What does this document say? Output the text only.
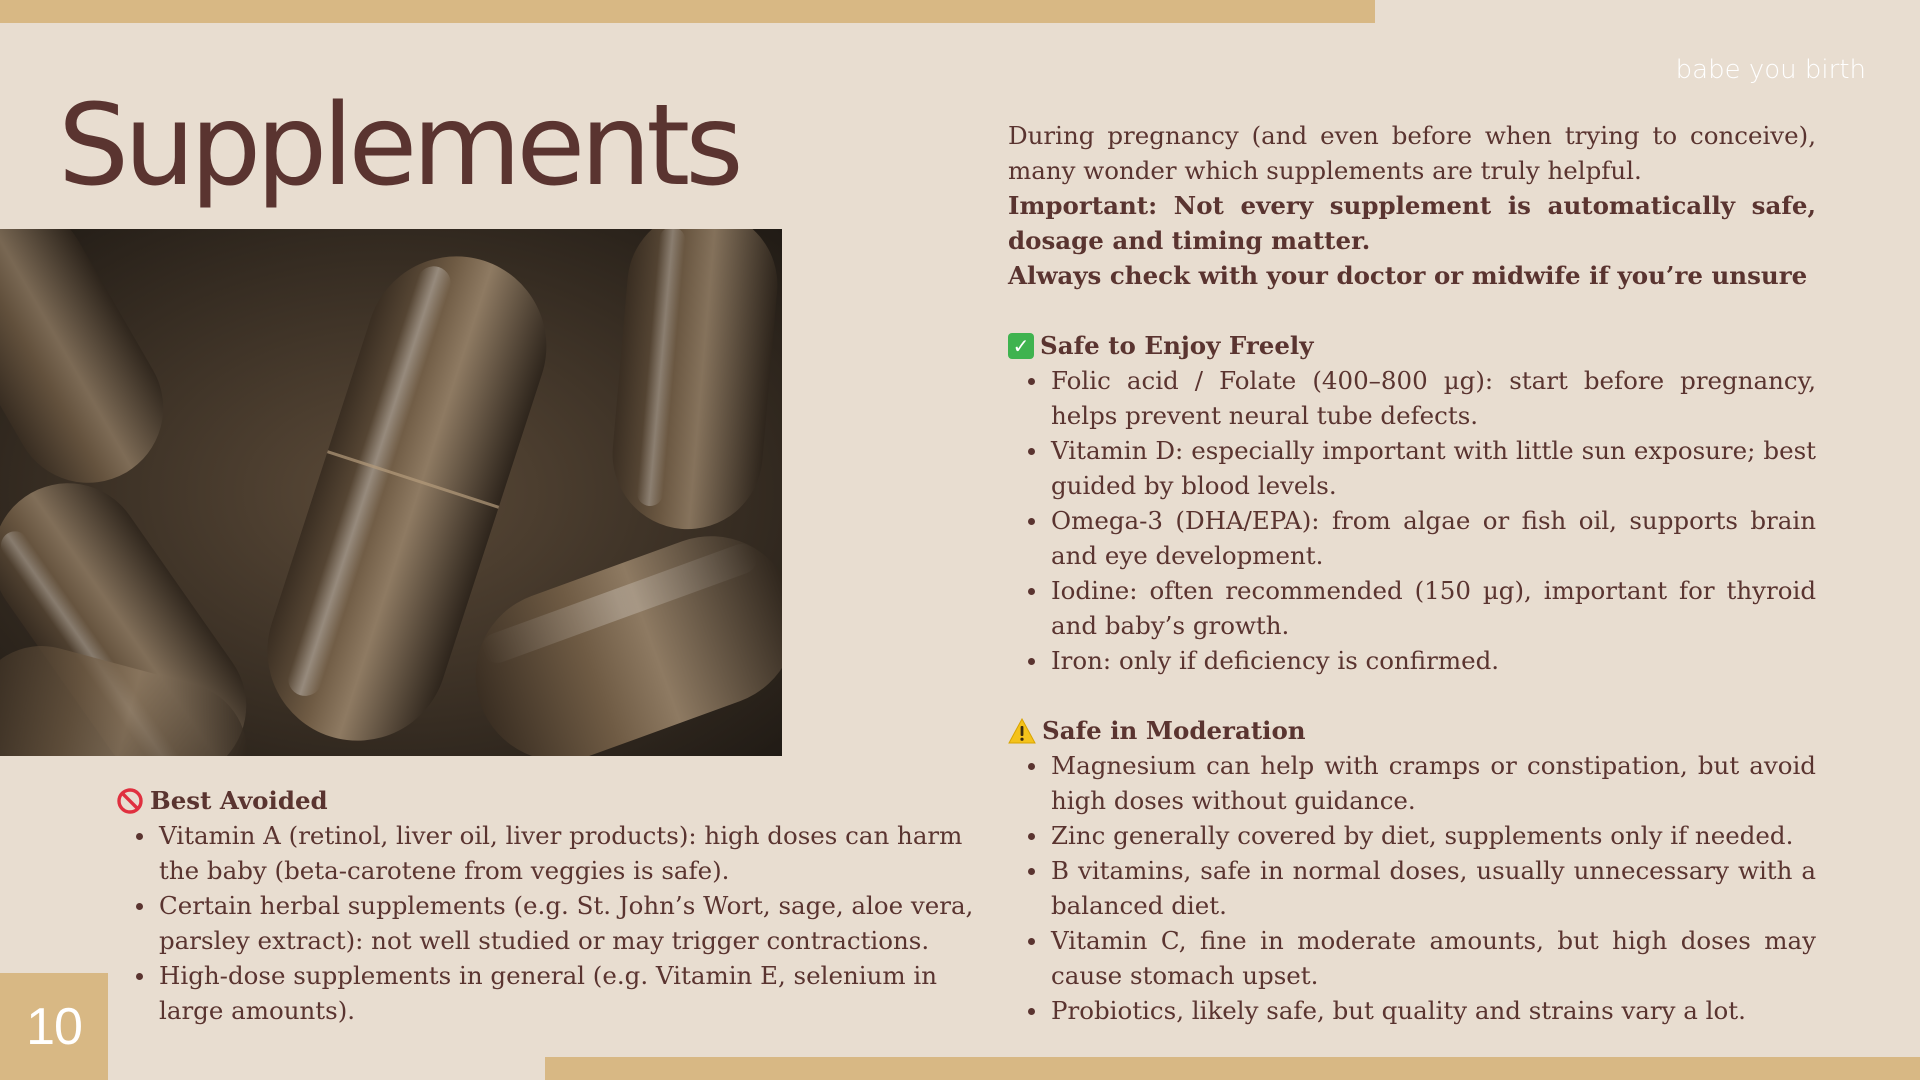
babe you birth
Supplements	During pregnancy (and even before when trying to conceive), many wonder which supplements are truly helpful.

Important: Not every supplement is automatically safe, dosage and timing matter.

Always check with your doctor or midwife if you’re unsure

✓ Safe to Enjoy Freely
Folic acid / Folate (400–800 µg): start before pregnancy, helps prevent neural tube defects.
Vitamin D: especially important with little sun exposure; best guided by blood levels.
Omega-3 (DHA/EPA): from algae or fish oil, supports brain and eye development.
Iodine: often recommended (150 µg), important for thyroid and baby’s growth.
Iron: only if deficiency is confirmed.
Safe in Moderation
Magnesium can help with cramps or constipation, but avoid high doses without guidance.
Zinc generally covered by diet, supplements only if needed.
B vitamins, safe in normal doses, usually unnecessary with a balanced diet.
Vitamin C, fine in moderate amounts, but high doses may cause stomach upset.
Probiotics, likely safe, but quality and strains vary a lot.
Best Avoided
Vitamin A (retinol, liver oil, liver products): high doses can harm the baby (beta-carotene from veggies is safe).
Certain herbal supplements (e.g. St. John’s Wort, sage, aloe vera, parsley extract): not well studied or may trigger contractions.
High-dose supplements in general (e.g. Vitamin E, selenium in large amounts).
10
